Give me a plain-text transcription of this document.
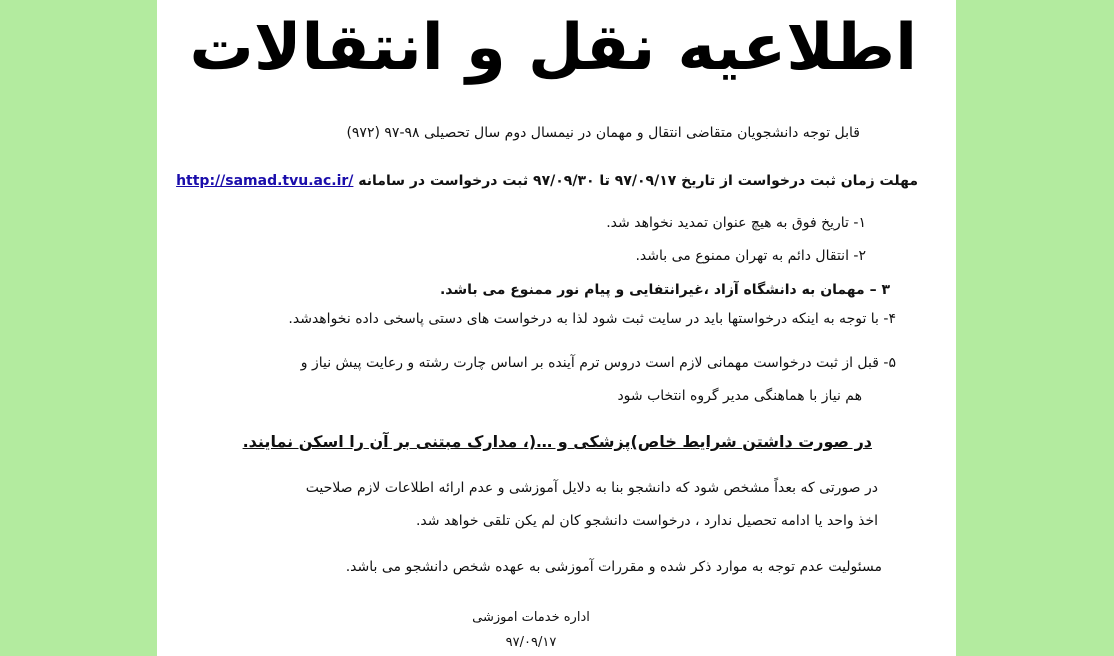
اطلاعیه نقل و انتقالات
قابل توجه دانشجویان متقاضی انتقال و مهمان در نیمسال دوم سال تحصیلی ۹۸-۹۷ (۹۷۲)
مهلت زمان ثبت درخواست از تاریخ ۹۷/۰۹/۱۷ تا ۹۷/۰۹/۳۰ ثبت درخواست در سامانه http://samad.tvu.ac.ir/
۱- تاریخ فوق به هیچ عنوان تمدید نخواهد شد.
۲- انتقال دائم به تهران ممنوع می باشد.
۳ – مهمان به دانشگاه آزاد ،غیرانتفایی و پیام نور ممنوع می باشد.
۴- با توجه به اینکه درخواستها باید در سایت ثبت شود لذا به درخواست های دستی پاسخی داده نخواهدشد.
۵- قبل از ثبت درخواست مهمانی لازم است دروس ترم آینده بر اساس چارت رشته و رعایت پیش نیاز و
هم نیاز با هماهنگی مدیر گروه انتخاب شود
در صورت داشتن شرایط خاص)پزشکی و …(، مدارک مبتنی بر آن را اسکن نمایند.
در صورتی که بعداً مشخص شود که دانشجو بنا به دلایل آموزشی و عدم ارائه اطلاعات لازم صلاحیت
اخذ واحد یا ادامه تحصیل ندارد ، درخواست دانشجو کان لم یکن تلقی خواهد شد.
مسئولیت عدم توجه به موارد ذکر شده و مقررات آموزشی به عهده شخص دانشجو می باشد.
اداره خدمات اموزشی
۹۷/۰۹/۱۷
